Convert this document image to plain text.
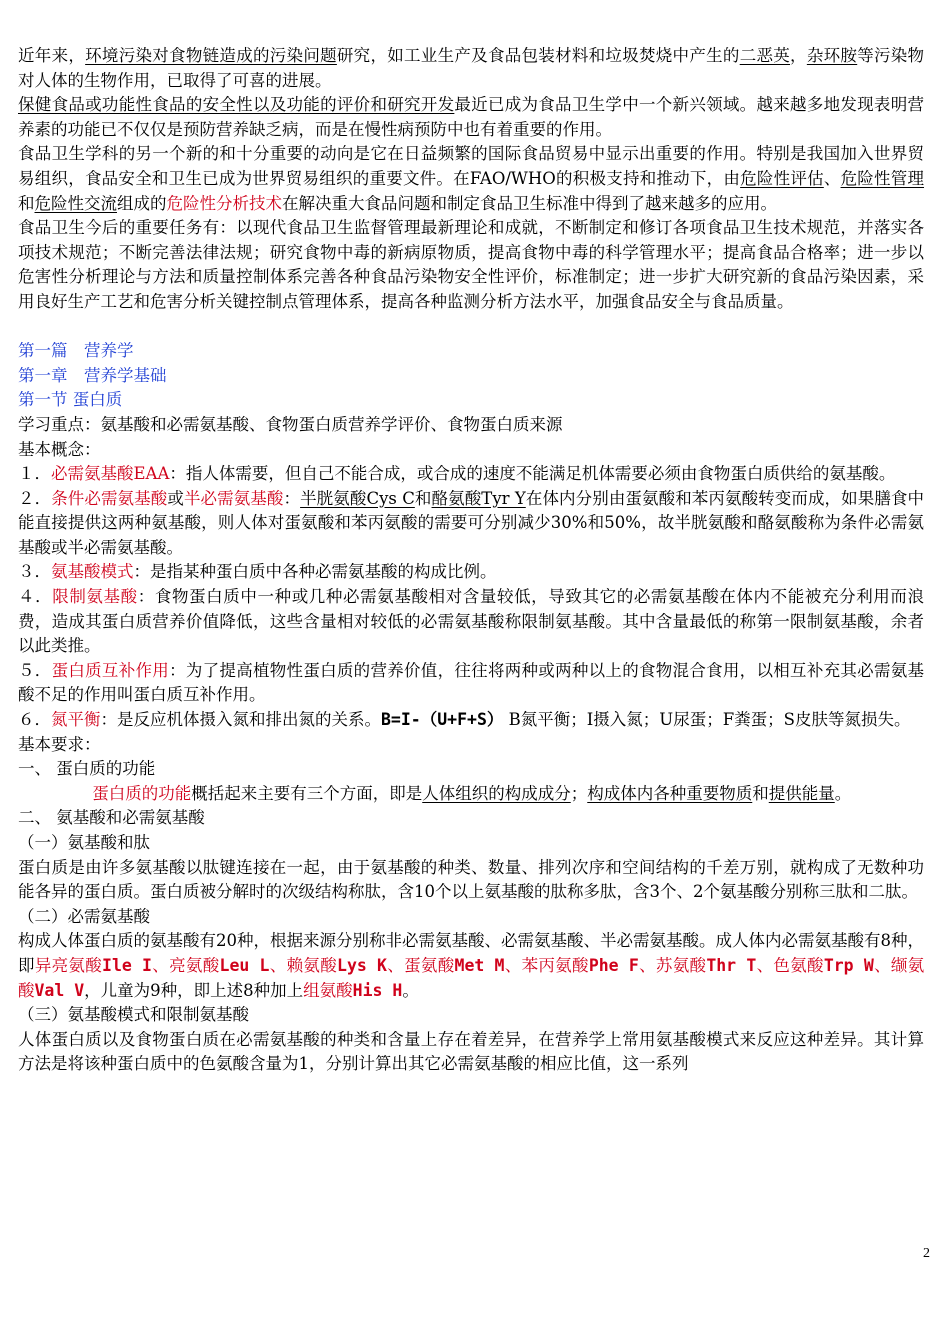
近年来，环境污染对食物链造成的污染问题研究，如工业生产及食品包装材料和垃圾焚烧中产生的二恶英，杂环胺等污染物对人体的生物作用，已取得了可喜的进展。

保健食品或功能性食品的安全性以及功能的评价和研究开发最近已成为食品卫生学中一个新兴领域。越来越多地发现表明营养素的功能已不仅仅是预防营养缺乏病，而是在慢性病预防中也有着重要的作用。

食品卫生学科的另一个新的和十分重要的动向是它在日益频繁的国际食品贸易中显示出重要的作用。特别是我国加入世界贸易组织，食品安全和卫生已成为世界贸易组织的重要文件。在FAO/WHO的积极支持和推动下，由危险性评估、危险性管理和危险性交流组成的危险性分析技术在解决重大食品问题和制定食品卫生标准中得到了越来越多的应用。

食品卫生今后的重要任务有：以现代食品卫生监督管理最新理论和成就，不断制定和修订各项食品卫生技术规范，并落实各项技术规范；不断完善法律法规；研究食物中毒的新病原物质，提高食物中毒的科学管理水平；提高食品合格率；进一步以危害性分析理论与方法和质量控制体系完善各种食品污染物安全性评价，标准制定；进一步扩大研究新的食品污染因素，采用良好生产工艺和危害分析关键控制点管理体系，提高各种监测分析方法水平，加强食品安全与食品质量。

第一篇　营养学

第一章　营养学基础

第一节 蛋白质

学习重点：氨基酸和必需氨基酸、食物蛋白质营养学评价、食物蛋白质来源

基本概念：

１．必需氨基酸EAA：指人体需要，但自己不能合成，或合成的速度不能满足机体需要必须由食物蛋白质供给的氨基酸。

２．条件必需氨基酸或半必需氨基酸：半胱氨酸Cys C和酪氨酸Tyr Y在体内分别由蛋氨酸和苯丙氨酸转变而成，如果膳食中能直接提供这两种氨基酸，则人体对蛋氨酸和苯丙氨酸的需要可分别减少30%和50%，故半胱氨酸和酪氨酸称为条件必需氨基酸或半必需氨基酸。

３．氨基酸模式：是指某种蛋白质中各种必需氨基酸的构成比例。

４．限制氨基酸：食物蛋白质中一种或几种必需氨基酸相对含量较低，导致其它的必需氨基酸在体内不能被充分利用而浪费，造成其蛋白质营养价值降低，这些含量相对较低的必需氨基酸称限制氨基酸。其中含量最低的称第一限制氨基酸，余者以此类推。

５．蛋白质互补作用：为了提高植物性蛋白质的营养价值，往往将两种或两种以上的食物混合食用，以相互补充其必需氨基酸不足的作用叫蛋白质互补作用。

６．氮平衡：是反应机体摄入氮和排出氮的关系。B=I-（U+F+S） B氮平衡；I摄入氮；U尿蛋；F粪蛋；S皮肤等氮损失。

基本要求：

一、 蛋白质的功能

蛋白质的功能概括起来主要有三个方面，即是人体组织的构成成分；构成体内各种重要物质和提供能量。

二、 氨基酸和必需氨基酸

（一）氨基酸和肽

蛋白质是由许多氨基酸以肽键连接在一起，由于氨基酸的种类、数量、排列次序和空间结构的千差万别，就构成了无数种功能各异的蛋白质。蛋白质被分解时的次级结构称肽，含10个以上氨基酸的肽称多肽，含3个、2个氨基酸分别称三肽和二肽。

（二）必需氨基酸

构成人体蛋白质的氨基酸有20种，根据来源分别称非必需氨基酸、必需氨基酸、半必需氨基酸。成人体内必需氨基酸有8种，即异亮氨酸Ile I、亮氨酸Leu L、赖氨酸Lys K、蛋氨酸Met M、苯丙氨酸Phe F、苏氨酸Thr T、色氨酸Trp W、缬氨酸Val V，儿童为9种，即上述8种加上组氨酸His H。

（三）氨基酸模式和限制氨基酸

人体蛋白质以及食物蛋白质在必需氨基酸的种类和含量上存在着差异，在营养学上常用氨基酸模式来反应这种差异。其计算方法是将该种蛋白质中的色氨酸含量为1，分别计算出其它必需氨基酸的相应比值，这一系列

2
